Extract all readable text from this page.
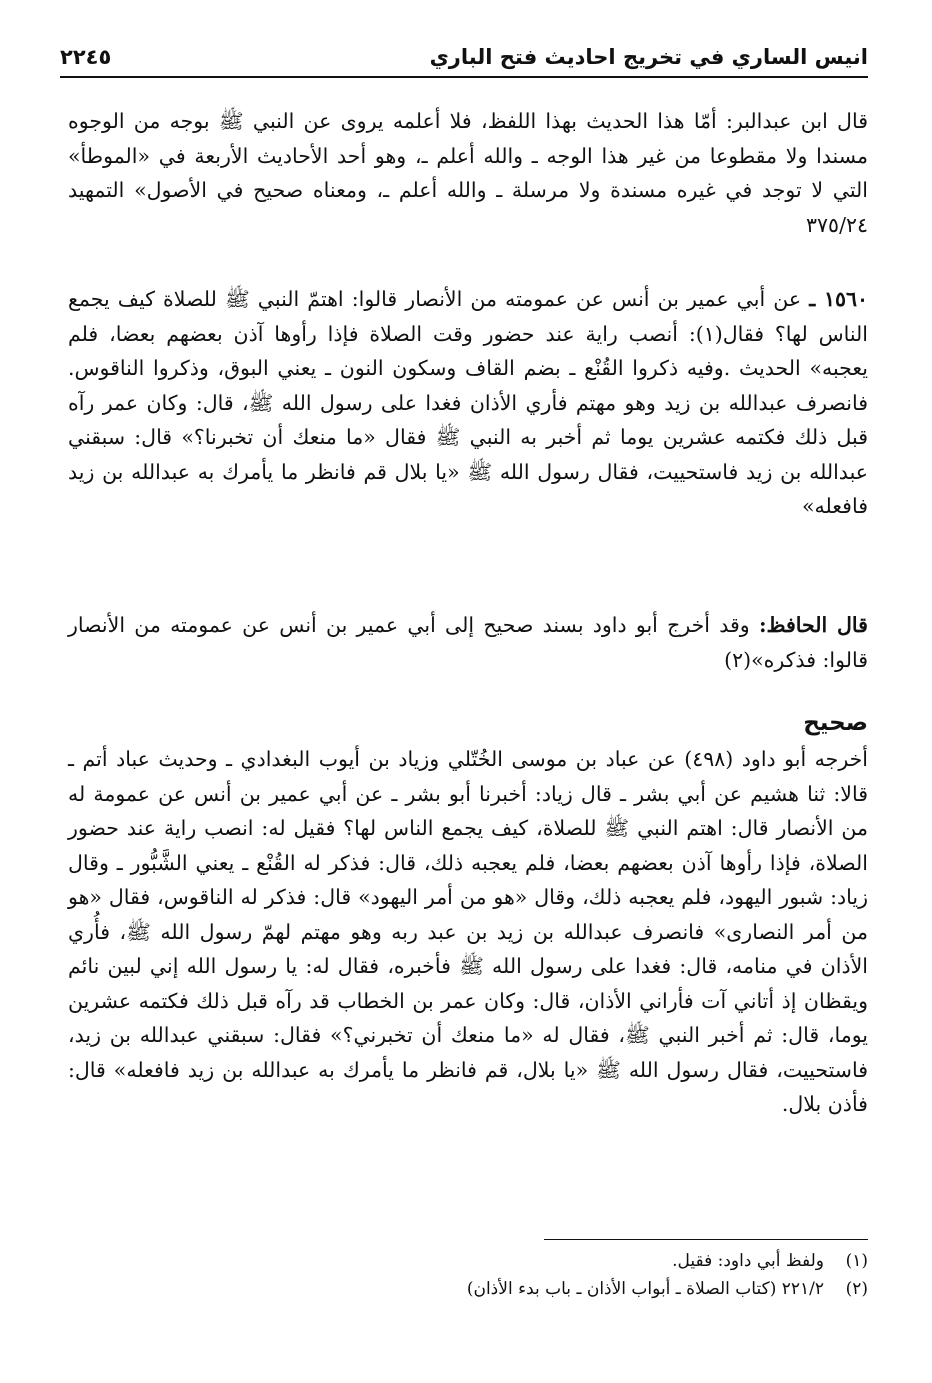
انيس الساري في تخريج احاديث فتح الباري
٢٢٤٥

قال ابن عبدالبر: أمّا هذا الحديث بهذا اللفظ، فلا أعلمه يروى عن النبي ﷺ بوجه من الوجوه مسندا ولا مقطوعا من غير هذا الوجه ـ والله أعلم ـ، وهو أحد الأحاديث الأربعة في «الموطأ» التي لا توجد في غيره مسندة ولا مرسلة ـ والله أعلم ـ، ومعناه صحيح في الأصول» التمهيد ٣٧٥/٢٤

١٥٦٠ ـ عن أبي عمير بن أنس عن عمومته من الأنصار قالوا: اهتمّ النبي ﷺ للصلاة كيف يجمع الناس لها؟ فقال(١): أنصب راية عند حضور وقت الصلاة فإذا رأوها آذن بعضهم بعضا، فلم يعجبه» الحديث .وفيه ذكروا القُنْع ـ بضم القاف وسكون النون ـ يعني البوق، وذكروا الناقوس. فانصرف عبدالله بن زيد وهو مهتم فأري الأذان فغدا على رسول الله ﷺ، قال: وكان عمر رآه قبل ذلك فكتمه عشرين يوما ثم أخبر به النبي ﷺ فقال «ما منعك أن تخبرنا؟» قال: سبقني عبدالله بن زيد فاستحييت، فقال رسول الله ﷺ «يا بلال قم فانظر ما يأمرك به عبدالله بن زيد فافعله»

قال الحافظ: وقد أخرج أبو داود بسند صحيح إلى أبي عمير بن أنس عن عمومته من الأنصار قالوا: فذكره»(٢)

صحيح

أخرجه أبو داود (٤٩٨) عن عباد بن موسى الخُتّلي وزياد بن أيوب البغدادي ـ وحديث عباد أتم ـ قالا: ثنا هشيم عن أبي بشر ـ قال زياد: أخبرنا أبو بشر ـ عن أبي عمير بن أنس عن عمومة له من الأنصار قال: اهتم النبي ﷺ للصلاة، كيف يجمع الناس لها؟ فقيل له: انصب راية عند حضور الصلاة، فإذا رأوها آذن بعضهم بعضا، فلم يعجبه ذلك، قال: فذكر له القُنْع ـ يعني الشَّبُّور ـ وقال زياد: شبور اليهود، فلم يعجبه ذلك، وقال «هو من أمر اليهود» قال: فذكر له الناقوس، فقال «هو من أمر النصارى» فانصرف عبدالله بن زيد بن عبد ربه وهو مهتم لهمّ رسول الله ﷺ، فأُري الأذان في منامه، قال: فغدا على رسول الله ﷺ فأخبره، فقال له: يا رسول الله إني لبين نائم ويقظان إذ أتاني آت فأراني الأذان، قال: وكان عمر بن الخطاب قد رآه قبل ذلك فكتمه عشرين يوما، قال: ثم أخبر النبي ﷺ، فقال له «ما منعك أن تخبرني؟» فقال: سبقني عبدالله بن زيد، فاستحييت، فقال رسول الله ﷺ «يا بلال، قم فانظر ما يأمرك به عبدالله بن زيد فافعله» قال: فأذن بلال.

(١)ولفظ أبي داود: فقيل.

(٢)٢٢١/٢ (كتاب الصلاة ـ أبواب الأذان ـ باب بدء الأذان)
